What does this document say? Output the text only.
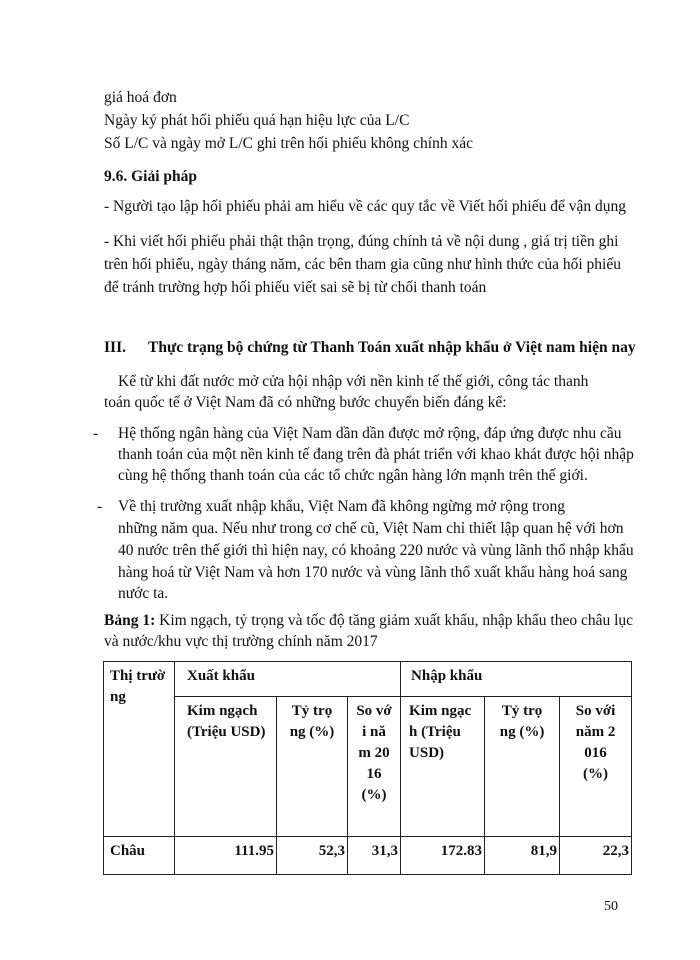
giá hoá đơn
Ngày ký phát hối phiếu quá hạn hiệu lực của L/C
Số L/C và ngày mở L/C ghi trên hối phiếu không chính xác
9.6. Giải pháp
- Người tạo lập hối phiếu phải am hiểu về các quy tắc về Viết hối phiếu để vận dụng
- Khi viết hối phiếu phải thật thận trọng, đúng chính tả về nội dung , giá trị tiền ghi
trên hối phiếu, ngày tháng năm, các bên tham gia cũng như hình thức của hối phiếu
để tránh trường hợp hối phiếu viết sai sẽ bị từ chối thanh toán
III. Thực trạng bộ chứng từ Thanh Toán xuất nhập khẩu ở Việt nam hiện nay
Kể từ khi đất nước mở cửa hội nhập với nền kinh tế thế giới, công tác thanh
toán quốc tế ở Việt Nam đã có những bước chuyển biến đáng kể:
- Hệ thống ngân hàng của Việt Nam dần dần được mở rộng, đáp ứng được nhu cầu
thanh toán của một nền kinh tế đang trên đà phát triển với khao khát được hội nhập
cùng hệ thống thanh toán của các tổ chức ngân hàng lớn mạnh trên thế giới.
- Về thị trường xuất nhập khẩu, Việt Nam đã không ngừng mở rộng trong
những năm qua. Nếu như trong cơ chế cũ, Việt Nam chỉ thiết lập quan hệ với hơn
40 nước trên thế giới thì hiện nay, có khoảng 220 nước và vùng lãnh thổ nhập khẩu
hàng hoá từ Việt Nam và hơn 170 nước và vùng lãnh thổ xuất khẩu hàng hoá sang
nước ta.
Bảng 1: Kim ngạch, tỷ trọng và tốc độ tăng giảm xuất khẩu, nhập khẩu theo châu lục
và nước/khu vực thị trường chính năm 2017
Thị trường	Xuất khẩu			Nhập khẩu		
	Kim ngạch (Triệu USD)	Tỷ trọng (%)	So với năm 2016 (%)	Kim ngạch (Triệu USD)	Tỷ trọng (%)	So với năm 2016 (%)
Châu	111.95	52,3	31,3	172.83	81,9	22,3
50
